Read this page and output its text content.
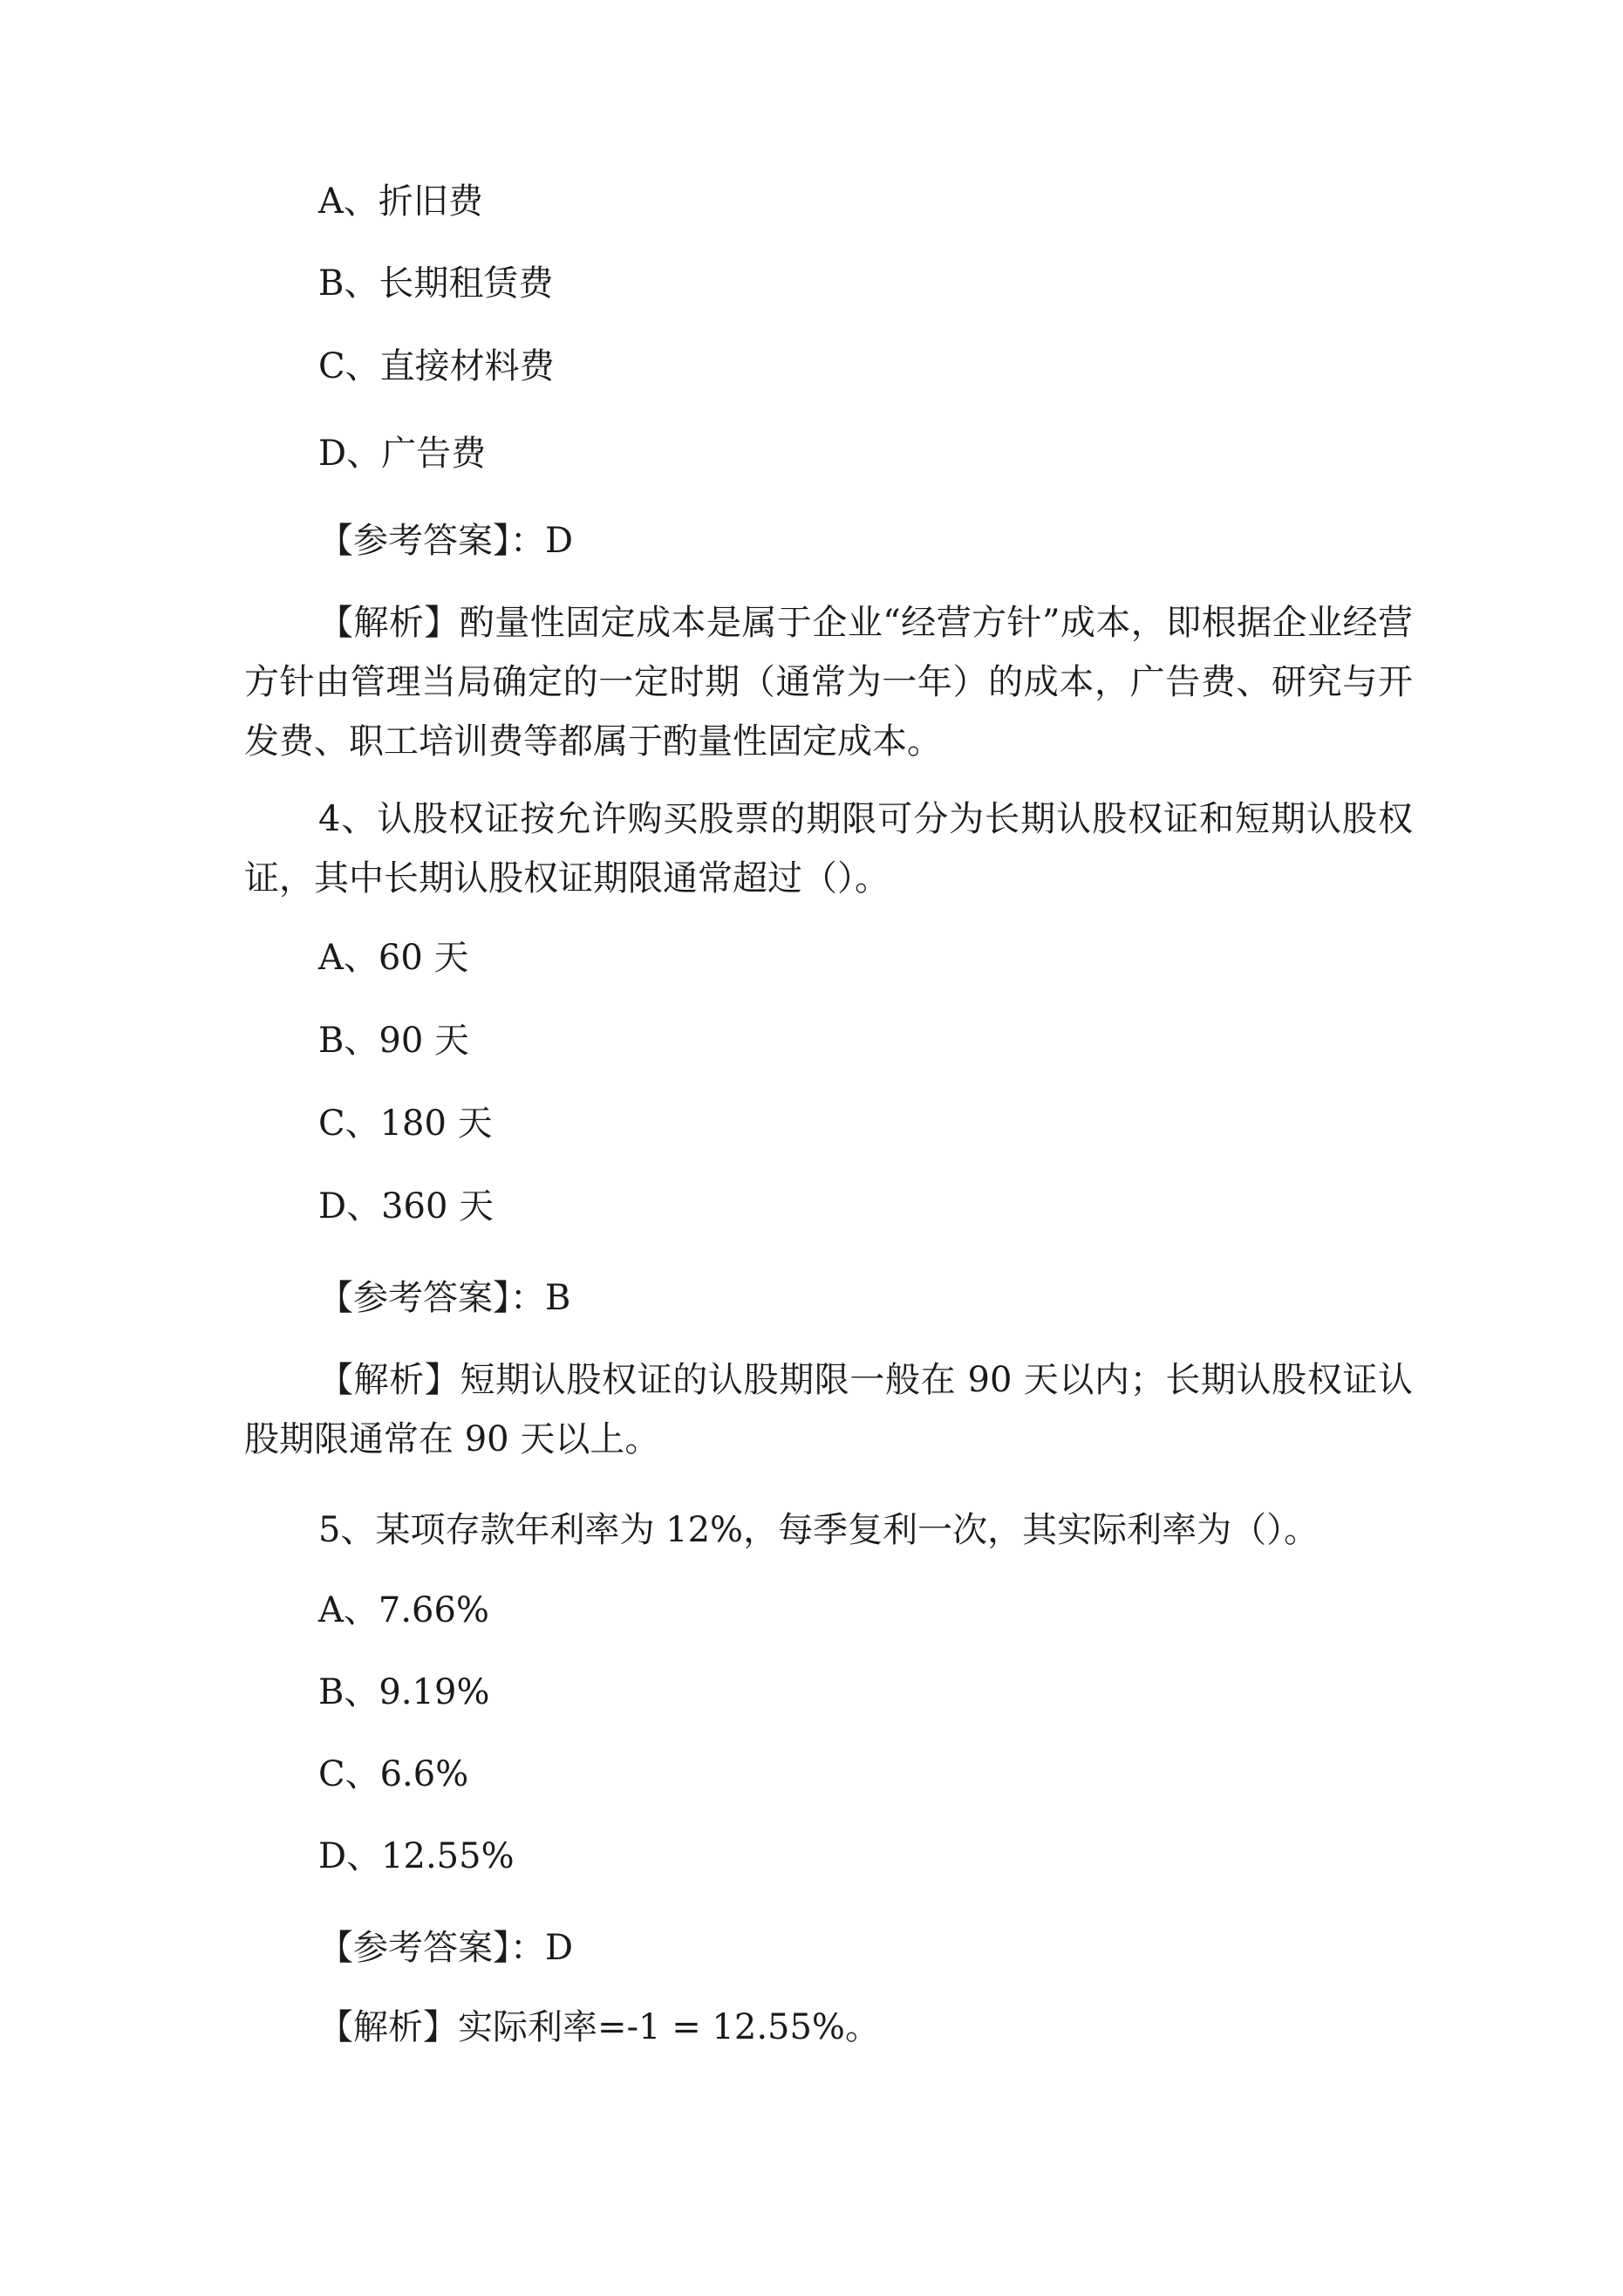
A、折旧费
B、长期租赁费
C、直接材料费
D、广告费
【参考答案】：D
【解析】酌量性固定成本是属于企业“经营方针”成本，即根据企业经营方针由管理当局确定的一定时期（通常为一年）的成本，广告费、研究与开发费、职工培训费等都属于酌量性固定成本。
4、认股权证按允许购买股票的期限可分为长期认股权证和短期认股权证，其中长期认股权证期限通常超过（）。
A、60 天
B、90 天
C、180 天
D、360 天
【参考答案】：B
【解析】短期认股权证的认股期限一般在 90 天以内；长期认股权证认股期限通常在 90 天以上。
5、某项存款年利率为 12%，每季复利一次，其实际利率为（）。
A、7.66%
B、9.19%
C、6.6%
D、12.55%
【参考答案】：D
【解析】实际利率=-1 = 12.55%。
